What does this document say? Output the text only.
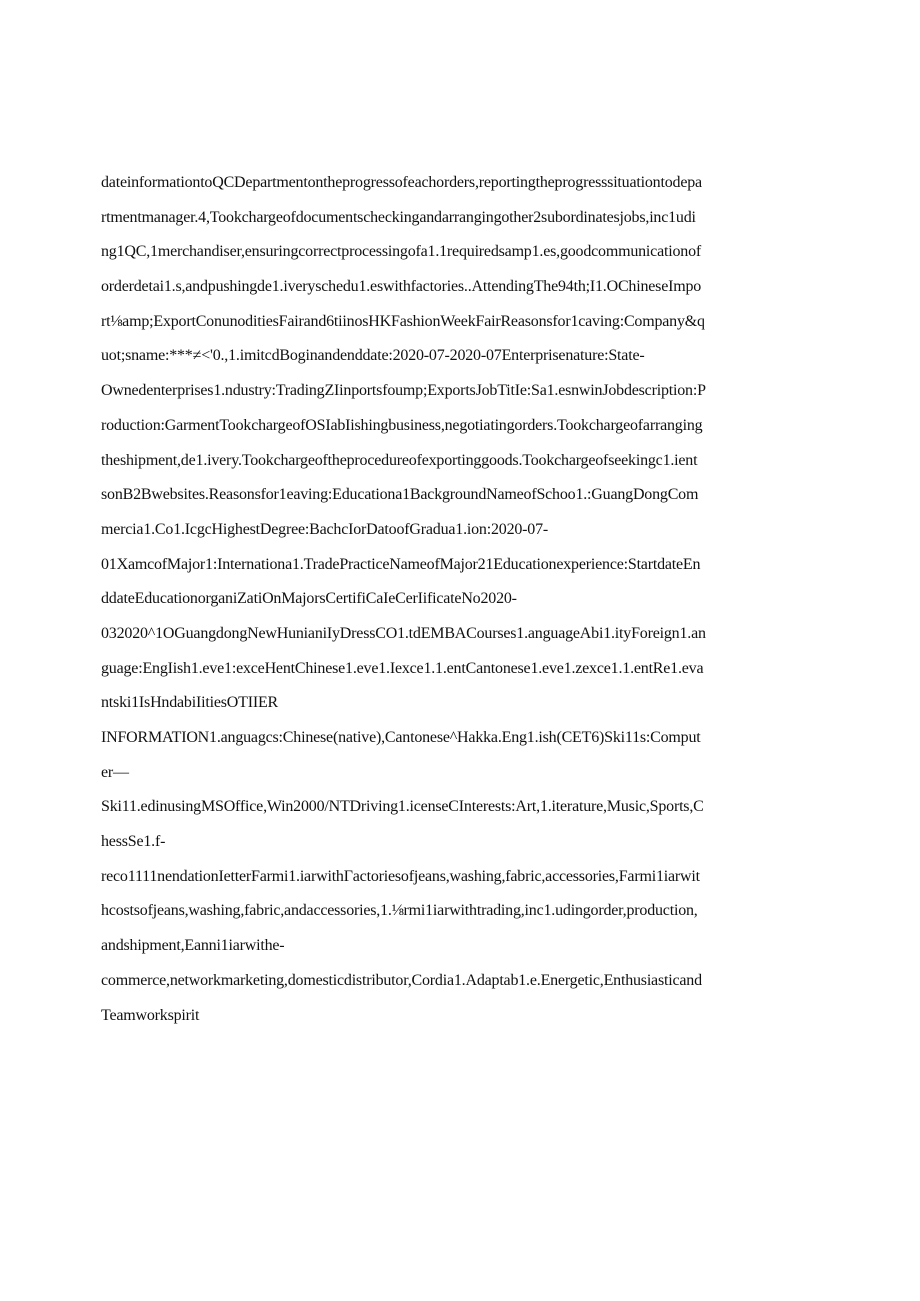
dateinformationtoQCDepartmentontheprogressofeachorders,reportingtheprogresssituationtodepa
rtmentmanager.4,Tookchargeofdocumentscheckingandarrangingother2subordinatesjobs,inc1udi
ng1QC,1merchandiser,ensuringcorrectprocessingofa1.1requiredsamp1.es,goodcommunicationof
orderdetai1.s,andpushingde1.iveryschedu1.eswithfactories..AttendingThe94th;I1.OChineseImpo
rt⅛amp;ExportConunoditiesFairand6tiinosHKFashionWeekFairReasonsfor1caving:Company&q
uot;sname:***≠<'0.,1.imitcdBoginandenddate:2020-07-2020-07Enterprisenature:State-
Ownedenterprises1.ndustry:TradingZIinportsfoump;ExportsJobTitIe:Sa1.esnwinJobdescription:P
roduction:GarmentTookchargeofOSIabIishingbusiness,negotiatingorders.Tookchargeofarranging
theshipment,de1.ivery.Tookchargeoftheprocedureofexportinggoods.Tookchargeofseekingc1.ient
sonB2Bwebsites.Reasonsfor1eaving:Educationa1BackgroundNameofSchoo1.:GuangDongCom
mercia1.Co1.IcgcHighestDegree:BachcIorDatoofGradua1.ion:2020-07-
01XamcofMajor1:Internationa1.TradePracticeNameofMajor21Educationexperience:StartdateEn
ddateEducationorganiZatiOnMajorsCertifiCaIeCerIificateNo2020-
032020^1OGuangdongNewHunianiIyDressCO1.tdEMBACourses1.anguageAbi1.ityForeign1.an
guage:EngIish1.eve1:exceHentChinese1.eve1.Iexce1.1.entCantonese1.eve1.zexce1.1.entRe1.eva
ntski1IsHndabiIitiesOTIIER
INFORMATION1.anguagcs:Chinese(native),Cantonese^Hakka.Eng1.ish(CET6)Ski11s:Comput
er—
Ski11.edinusingMSOffice,Win2000/NTDriving1.icenseCInterests:Art,1.iterature,Music,Sports,C
hessSe1.f-
reco1111nendationIetterFarmi1.iarwithΓactoriesofjeans,washing,fabric,accessories,Farmi1iarwit
hcostsofjeans,washing,fabric,andaccessories,1.⅛rmi1iarwithtrading,inc1.udingorder,production,
andshipment,Eanni1iarwithe-
commerce,networkmarketing,domesticdistributor,Cordia1.Adaptab1.e.Energetic,Enthusiasticand
Teamworkspirit
